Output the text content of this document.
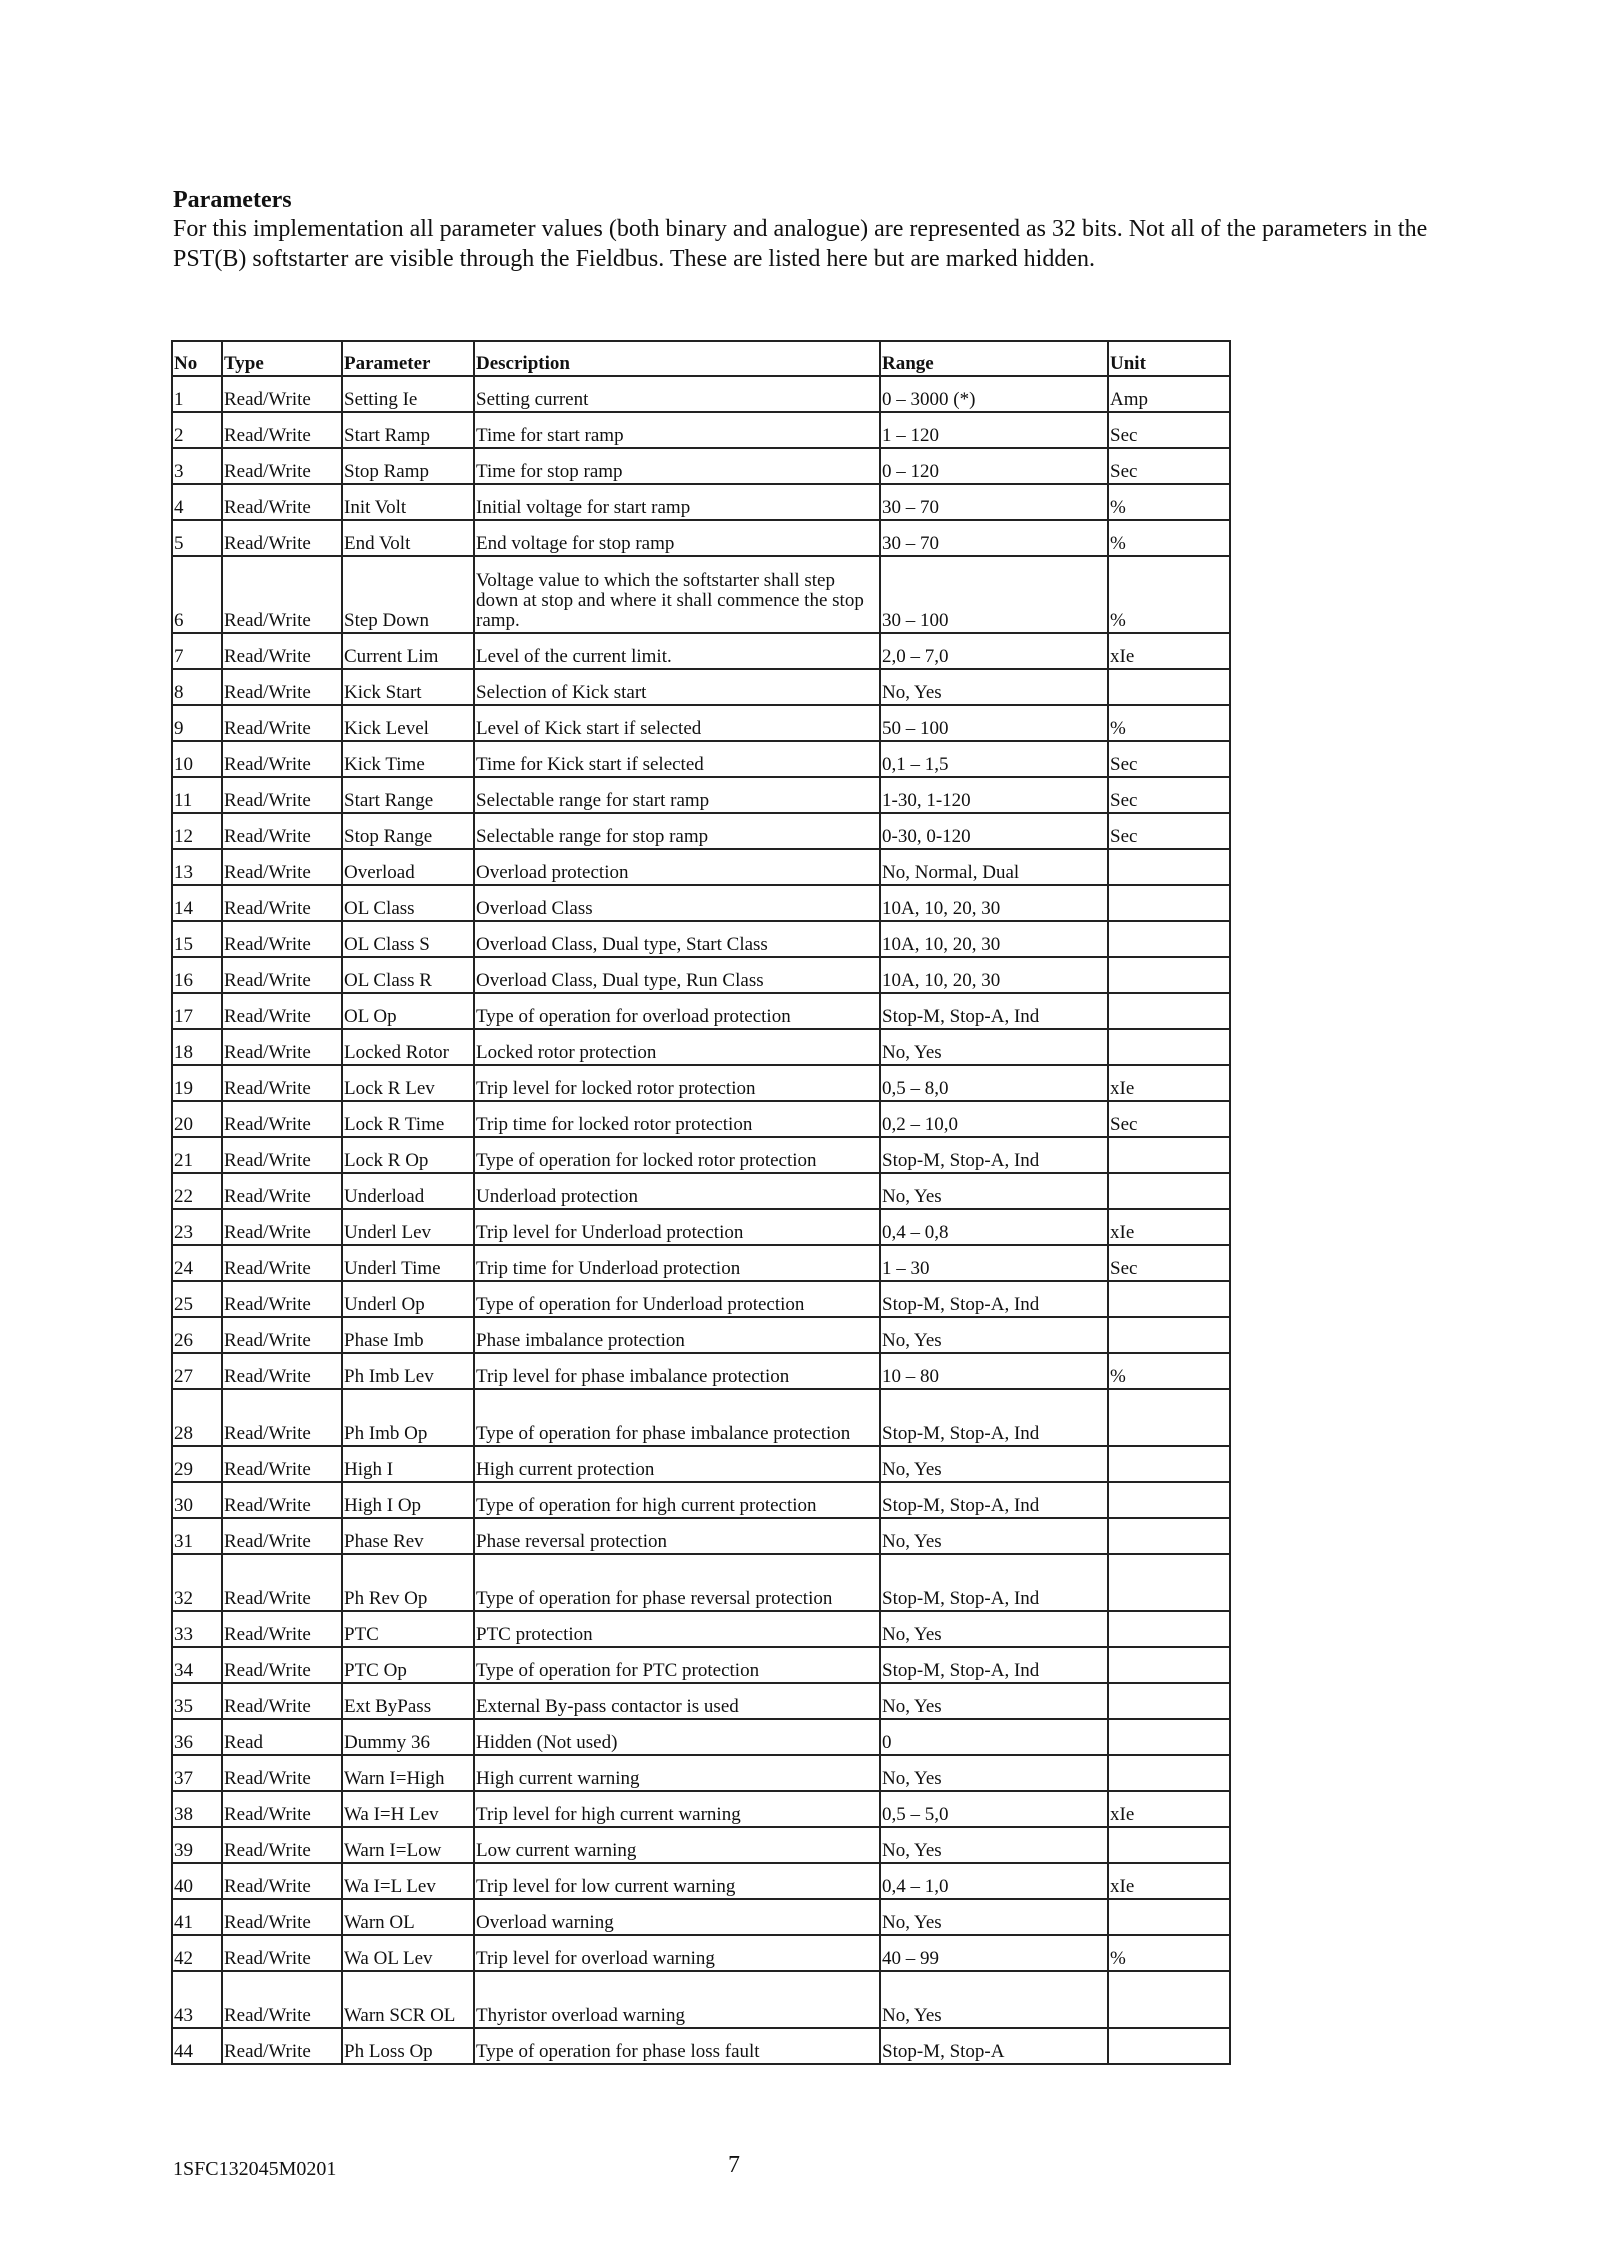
Parameters
For this implementation all parameter values (both binary and analogue) are represented as 32 bits. Not all of the parameters in the PST(B) softstarter are visible through the Fieldbus. These are listed here but are marked hidden.
No	Type	Parameter	Description	Range	Unit
1	Read/Write	Setting Ie	Setting current	0 – 3000 (*)	Amp
2	Read/Write	Start Ramp	Time for start ramp	1 – 120	Sec
3	Read/Write	Stop Ramp	Time for stop ramp	0 – 120	Sec
4	Read/Write	Init Volt	Initial voltage for start ramp	30 – 70	%
5	Read/Write	End Volt	End voltage for stop ramp	30 – 70	%
6	Read/Write	Step Down	Voltage value to which the softstarter shall step down at stop and where it shall commence the stop ramp.	30 – 100	%
7	Read/Write	Current Lim	Level of the current limit.	2,0 – 7,0	xIe
8	Read/Write	Kick Start	Selection of Kick start	No, Yes	
9	Read/Write	Kick Level	Level of Kick start if selected	50 – 100	%
10	Read/Write	Kick Time	Time for Kick start if selected	0,1 – 1,5	Sec
11	Read/Write	Start Range	Selectable range for start ramp	1-30, 1-120	Sec
12	Read/Write	Stop Range	Selectable range for stop ramp	0-30, 0-120	Sec
13	Read/Write	Overload	Overload protection	No, Normal, Dual	
14	Read/Write	OL Class	Overload Class	10A, 10, 20, 30	
15	Read/Write	OL Class S	Overload Class, Dual type, Start Class	10A, 10, 20, 30	
16	Read/Write	OL Class R	Overload Class, Dual type, Run Class	10A, 10, 20, 30	
17	Read/Write	OL Op	Type of operation for overload protection	Stop-M, Stop-A, Ind	
18	Read/Write	Locked Rotor	Locked rotor protection	No, Yes	
19	Read/Write	Lock R Lev	Trip level for locked rotor protection	0,5 – 8,0	xIe
20	Read/Write	Lock R Time	Trip time for locked rotor protection	0,2 – 10,0	Sec
21	Read/Write	Lock R Op	Type of operation for locked rotor protection	Stop-M, Stop-A, Ind	
22	Read/Write	Underload	Underload protection	No, Yes	
23	Read/Write	Underl Lev	Trip level for Underload protection	0,4 – 0,8	xIe
24	Read/Write	Underl Time	Trip time for Underload protection	1 – 30	Sec
25	Read/Write	Underl Op	Type of operation for Underload protection	Stop-M, Stop-A, Ind	
26	Read/Write	Phase Imb	Phase imbalance protection	No, Yes	
27	Read/Write	Ph Imb Lev	Trip level for phase imbalance protection	10 – 80	%
28	Read/Write	Ph Imb Op	Type of operation for phase imbalance protection	Stop-M, Stop-A, Ind	
29	Read/Write	High I	High current protection	No, Yes	
30	Read/Write	High I Op	Type of operation for high current protection	Stop-M, Stop-A, Ind	
31	Read/Write	Phase Rev	Phase reversal protection	No, Yes	
32	Read/Write	Ph Rev Op	Type of operation for phase reversal protection	Stop-M, Stop-A, Ind	
33	Read/Write	PTC	PTC protection	No, Yes	
34	Read/Write	PTC Op	Type of operation for PTC protection	Stop-M, Stop-A, Ind	
35	Read/Write	Ext ByPass	External By-pass contactor is used	No, Yes	
36	Read	Dummy 36	Hidden (Not used)	0	
37	Read/Write	Warn I=High	High current warning	No, Yes	
38	Read/Write	Wa I=H Lev	Trip level for high current warning	0,5 – 5,0	xIe
39	Read/Write	Warn I=Low	Low current warning	No, Yes	
40	Read/Write	Wa I=L Lev	Trip level for low current warning	0,4 – 1,0	xIe
41	Read/Write	Warn OL	Overload warning	No, Yes	
42	Read/Write	Wa OL Lev	Trip level for overload warning	40 – 99	%
43	Read/Write	Warn SCR OL	Thyristor overload warning	No, Yes	
44	Read/Write	Ph Loss Op	Type of operation for phase loss fault	Stop-M, Stop-A	
1SFC132045M0201	7
